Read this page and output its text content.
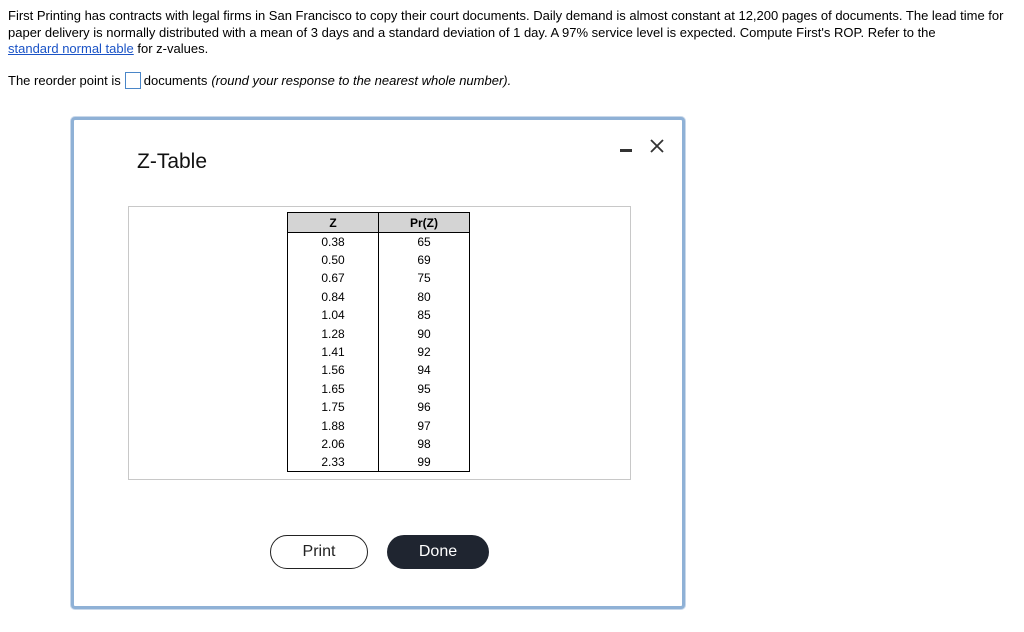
First Printing has contracts with legal firms in San Francisco to copy their court documents. Daily demand is almost constant at 12,200 pages of documents. The lead time for paper delivery is normally distributed with a mean of 3 days and a standard deviation of 1 day. A 97% service level is expected. Compute First's ROP. Refer to the
standard normal table for z-values.
The reorder point is documents (round your response to the nearest whole number).
Z-Table
Z	Pr(Z)
0.38	65
0.50	69
0.67	75
0.84	80
1.04	85
1.28	90
1.41	92
1.56	94
1.65	95
1.75	96
1.88	97
2.06	98
2.33	99
Print	Done
